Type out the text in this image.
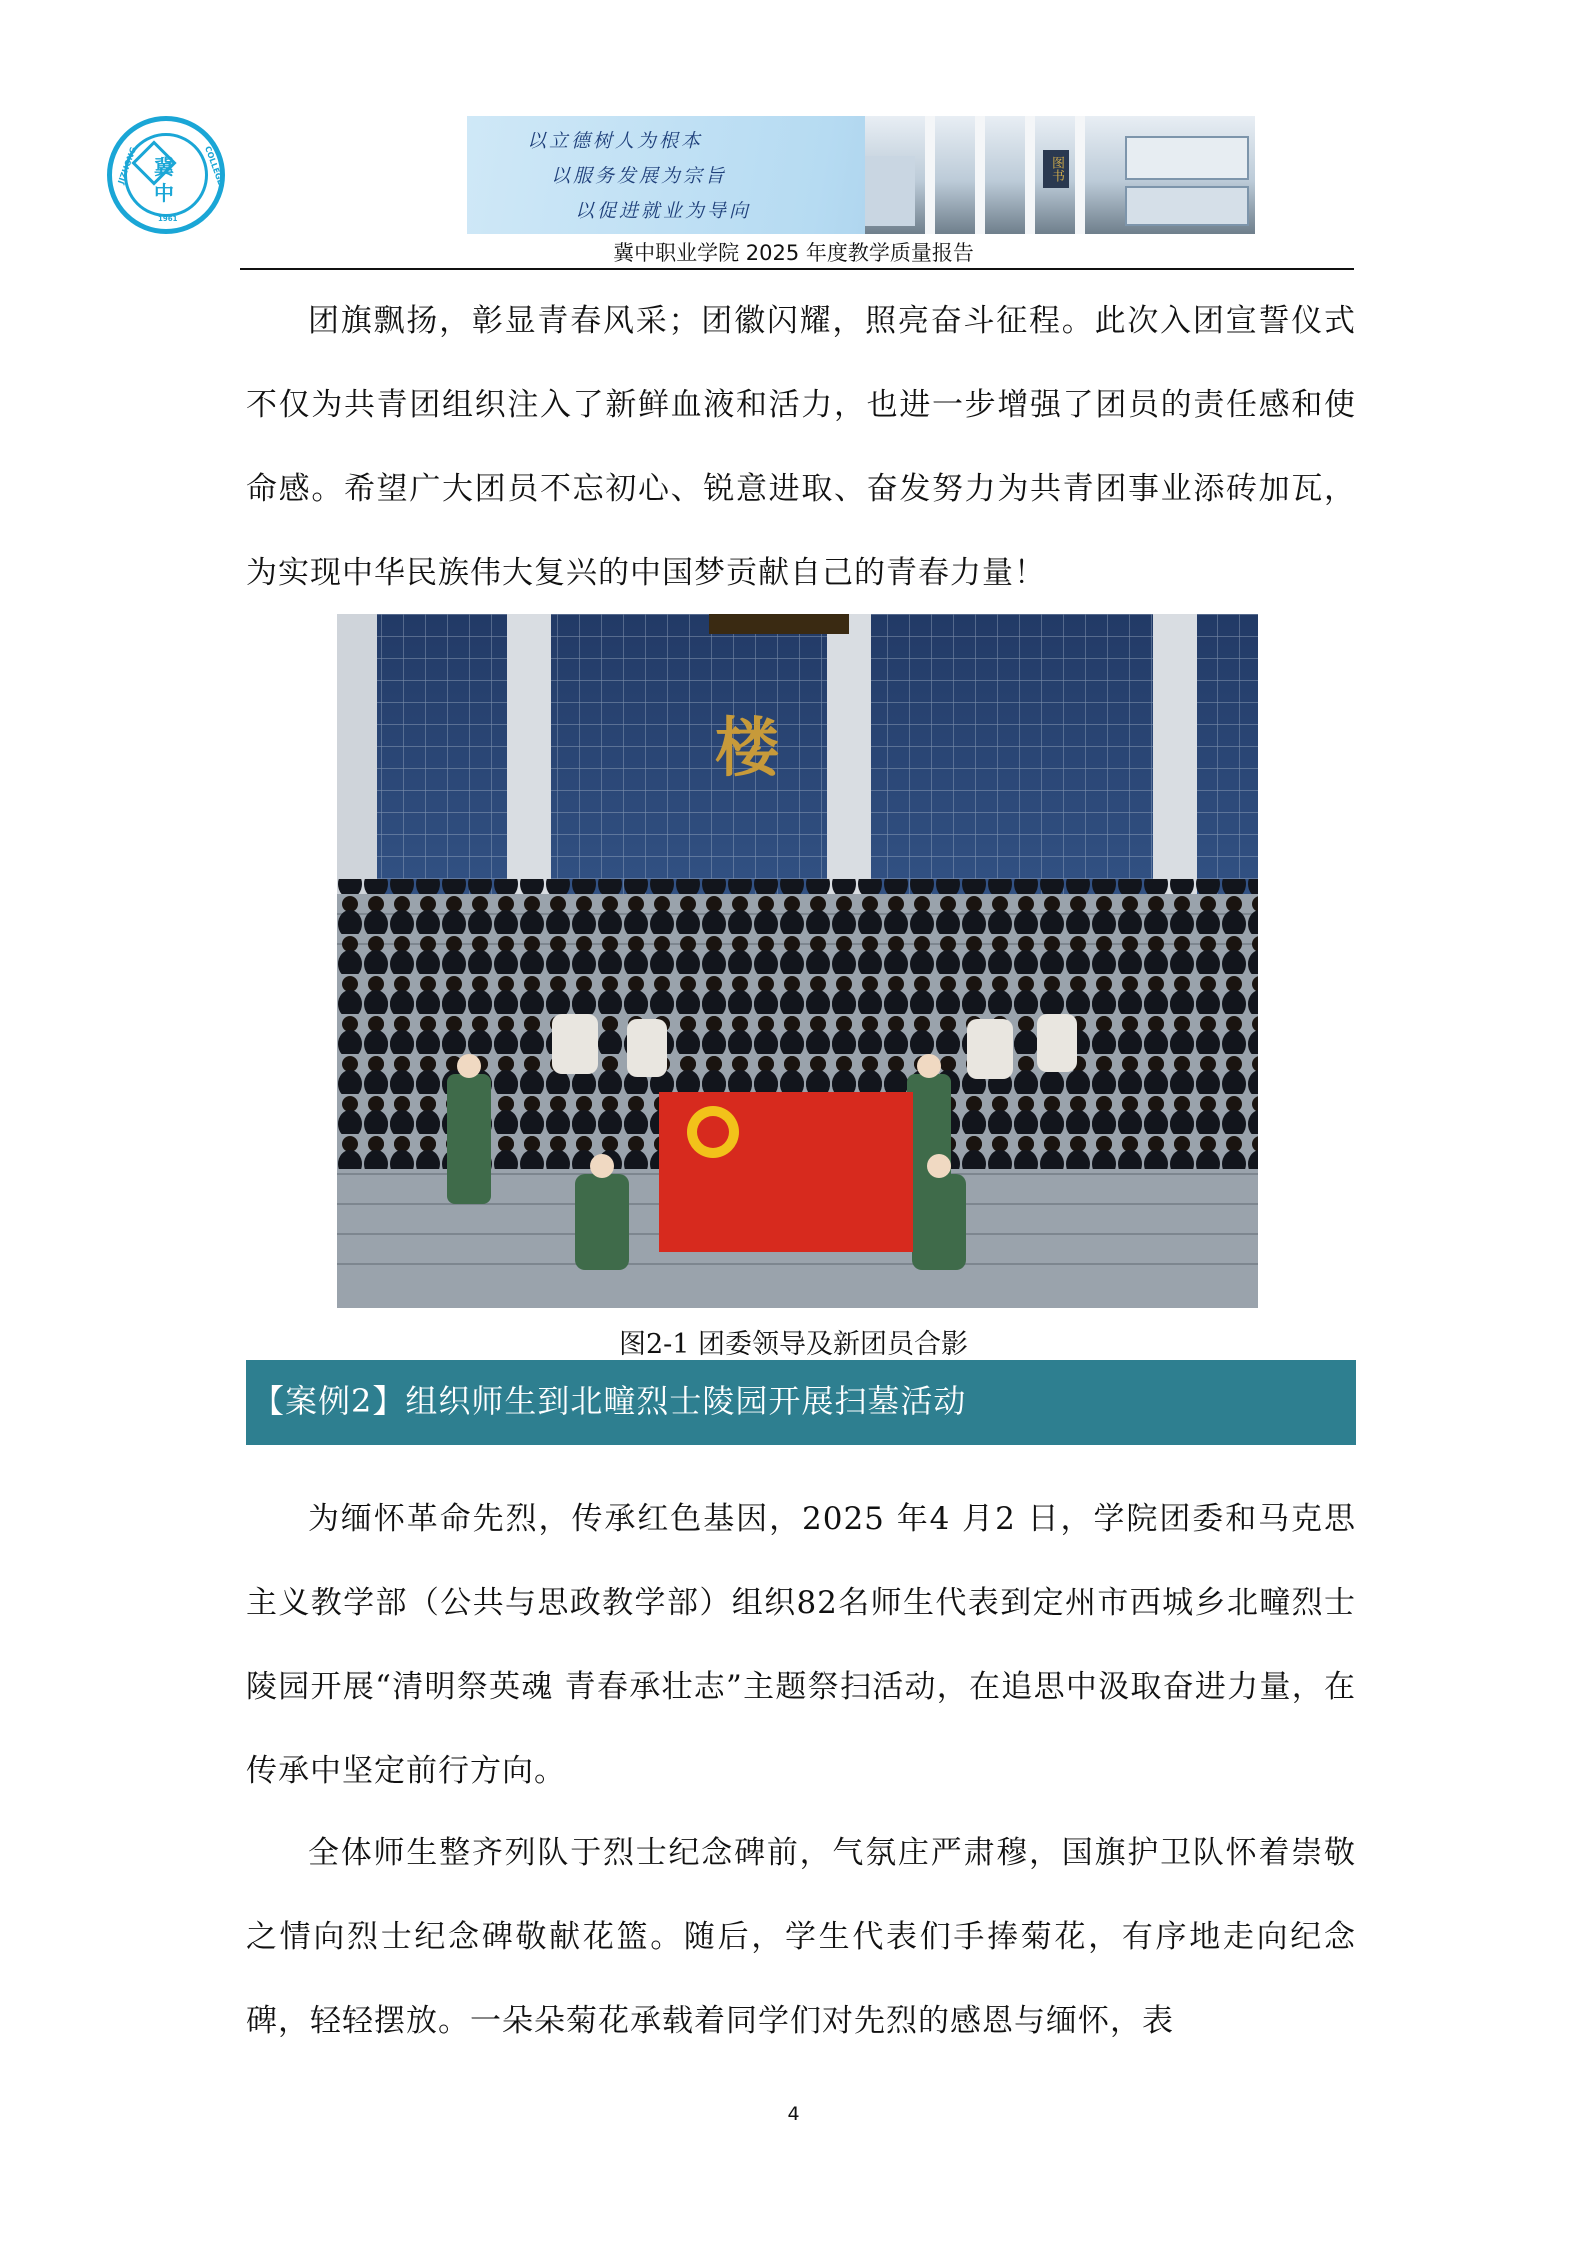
冀
中
JIZHONG	COLLEGE
1961
图书
以立德树人为根本
以服务发展为宗旨
以促进就业为导向
冀中职业学院 2025 年度教学质量报告

团旗飘扬，彰显青春风采；团徽闪耀，照亮奋斗征程。此次入团宣誓仪式不仅为共青团组织注入了新鲜血液和活力，也进一步增强了团员的责任感和使命感。希望广大团员不忘初心、锐意进取、奋发努力为共青团事业添砖加瓦，为实现中华民族伟大复兴的中国梦贡献自己的青春力量！

楼
图2-1 团委领导及新团员合影
【案例2】组织师生到北疃烈士陵园开展扫墓活动

为缅怀革命先烈，传承红色基因，2025 年4 月2 日，学院团委和马克思主义教学部（公共与思政教学部）组织82名师生代表到定州市西城乡北疃烈士陵园开展“清明祭英魂 青春承壮志”主题祭扫活动，在追思中汲取奋进力量，在传承中坚定前行方向。

全体师生整齐列队于烈士纪念碑前，气氛庄严肃穆，国旗护卫队怀着崇敬之情向烈士纪念碑敬献花篮。随后，学生代表们手捧菊花，有序地走向纪念碑，轻轻摆放。一朵朵菊花承载着同学们对先烈的感恩与缅怀，表

4
